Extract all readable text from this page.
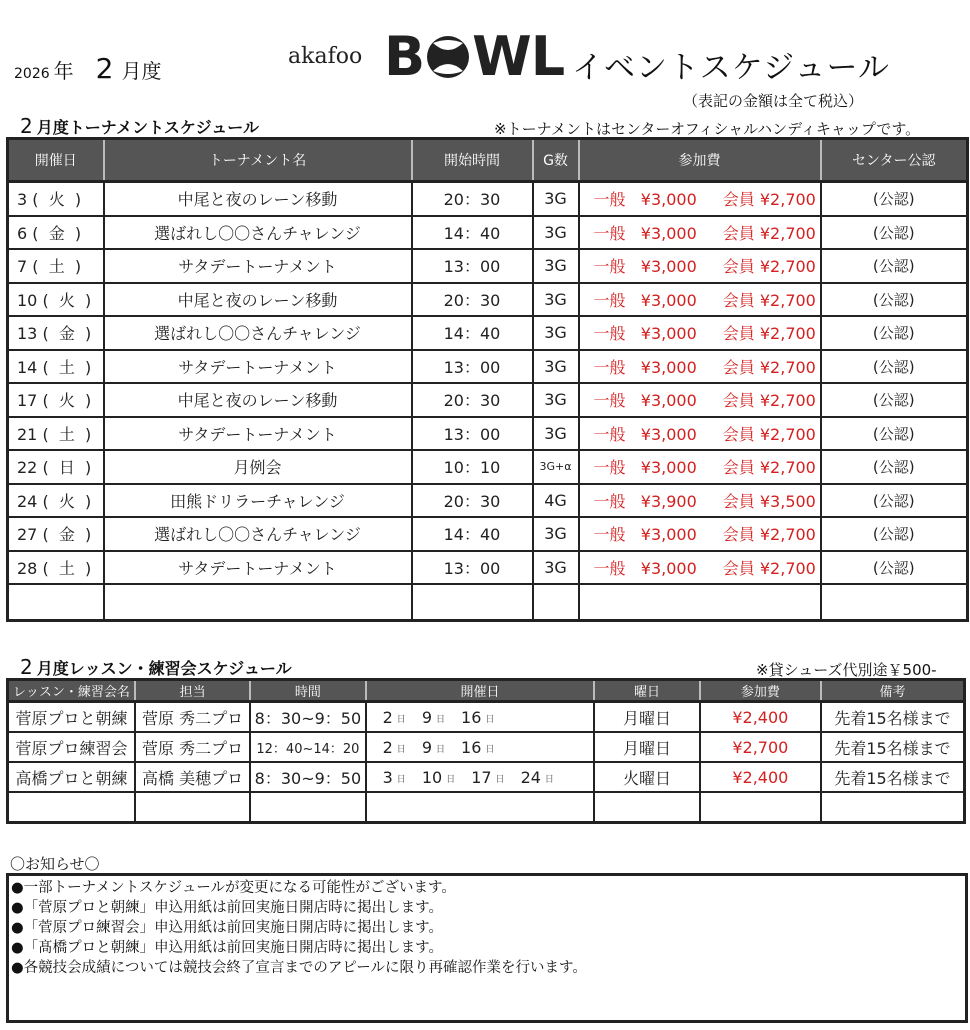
2026 年 2 月度
akafoo B WL イベントスケジュール
（表記の金額は全て税込）
2 月度トーナメントスケジュール	※トーナメントはセンターオフィシャルハンディキャップです。
開催日	トーナメント名	開始時間	G数	参加費	センター公認
3 (  火  )	中尾と夜のレーン移動	20：30	3G	一般 ¥3,000 会員 ¥2,700	(公認)
6 (  金  )	選ばれし〇〇さんチャレンジ	14：40	3G	一般 ¥3,000 会員 ¥2,700	(公認)
7 (  土  )	サタデートーナメント	13：00	3G	一般 ¥3,000 会員 ¥2,700	(公認)
10 (  火  )	中尾と夜のレーン移動	20：30	3G	一般 ¥3,000 会員 ¥2,700	(公認)
13 (  金  )	選ばれし〇〇さんチャレンジ	14：40	3G	一般 ¥3,000 会員 ¥2,700	(公認)
14 (  土  )	サタデートーナメント	13：00	3G	一般 ¥3,000 会員 ¥2,700	(公認)
17 (  火  )	中尾と夜のレーン移動	20：30	3G	一般 ¥3,000 会員 ¥2,700	(公認)
21 (  土  )	サタデートーナメント	13：00	3G	一般 ¥3,000 会員 ¥2,700	(公認)
22 (  日  )	月例会	10：10	3G+α	一般 ¥3,000 会員 ¥2,700	(公認)
24 (  火  )	田熊ドリラーチャレンジ	20：30	4G	一般 ¥3,900 会員 ¥3,500	(公認)
27 (  金  )	選ばれし〇〇さんチャレンジ	14：40	3G	一般 ¥3,000 会員 ¥2,700	(公認)
28 (  土  )	サタデートーナメント	13：00	3G	一般 ¥3,000 会員 ¥2,700	(公認)

2 月度レッスン・練習会スケジュール	※貸シューズ代別途￥500-
レッスン・練習会名	担当	時間	開催日	曜日	参加費	備考
菅原プロと朝練	菅原 秀二プロ	8：30~9：50	2 日 9 日 16 日	月曜日	¥2,400	先着15名様まで
菅原プロ練習会	菅原 秀二プロ	12：40~14：20	2 日 9 日 16 日	月曜日	¥2,700	先着15名様まで
高橋プロと朝練	高橋 美穂プロ	8：30~9：50	3 日 10 日 17 日 24 日	火曜日	¥2,400	先着15名様まで

〇お知らせ〇
●一部トーナメントスケジュールが変更になる可能性がございます。
●「菅原プロと朝練」申込用紙は前回実施日開店時に掲出します。
●「菅原プロ練習会」申込用紙は前回実施日開店時に掲出します。
●「髙橋プロと朝練」申込用紙は前回実施日開店時に掲出します。
●各競技会成績については競技会終了宣言までのアピールに限り再確認作業を行います。
